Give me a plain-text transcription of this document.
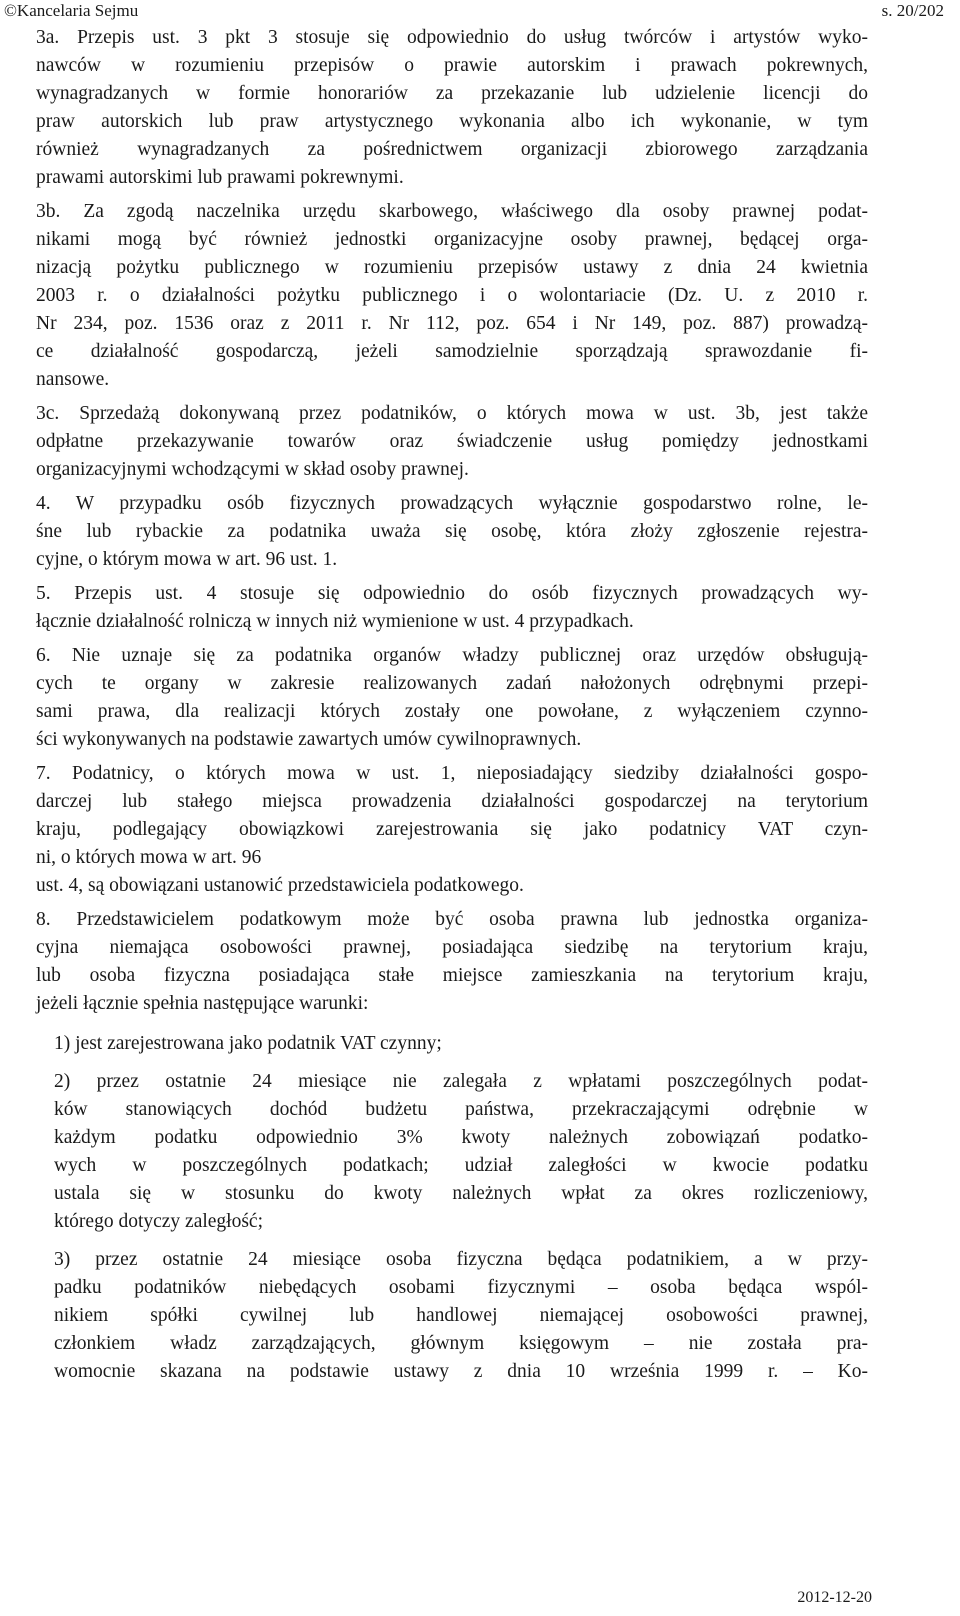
©Kancelaria Sejmu	s. 20/202
3a. Przepis ust. 3 pkt 3 stosuje się odpowiednio do usług twórców i artystów wyko-
nawców w rozumieniu przepisów o prawie autorskim i prawach pokrewnych,
wynagradzanych w formie honorariów za przekazanie lub udzielenie licencji do
praw autorskich lub praw artystycznego wykonania albo ich wykonanie, w tym
również wynagradzanych za pośrednictwem organizacji zbiorowego zarządzania
prawami autorskimi lub prawami pokrewnymi.
3b. Za zgodą naczelnika urzędu skarbowego, właściwego dla osoby prawnej podat-
nikami mogą być również jednostki organizacyjne osoby prawnej, będącej orga-
nizacją pożytku publicznego w rozumieniu przepisów ustawy z dnia 24 kwietnia
2003 r. o działalności pożytku publicznego i o wolontariacie (Dz. U. z 2010 r.
Nr 234, poz. 1536 oraz z 2011 r. Nr 112, poz. 654 i Nr 149, poz. 887) prowadzą-
ce działalność gospodarczą, jeżeli samodzielnie sporządzają sprawozdanie fi-
nansowe.
3c. Sprzedażą dokonywaną przez podatników, o których mowa w ust. 3b, jest także
odpłatne przekazywanie towarów oraz świadczenie usług pomiędzy jednostkami
organizacyjnymi wchodzącymi w skład osoby prawnej.
4. W przypadku osób fizycznych prowadzących wyłącznie gospodarstwo rolne, le-
śne lub rybackie za podatnika uważa się osobę, która złoży zgłoszenie rejestra-
cyjne, o którym mowa w art. 96 ust. 1.
5. Przepis ust. 4 stosuje się odpowiednio do osób fizycznych prowadzących wy-
łącznie działalność rolniczą w innych niż wymienione w ust. 4 przypadkach.
6. Nie uznaje się za podatnika organów władzy publicznej oraz urzędów obsługują-
cych te organy w zakresie realizowanych zadań nałożonych odrębnymi przepi-
sami prawa, dla realizacji których zostały one powołane, z wyłączeniem czynno-
ści wykonywanych na podstawie zawartych umów cywilnoprawnych.
7. Podatnicy, o których mowa w ust. 1, nieposiadający siedziby działalności gospo-
darczej lub stałego miejsca prowadzenia działalności gospodarczej na terytorium
kraju, podlegający obowiązkowi zarejestrowania się jako podatnicy VAT czyn-
ni, o których mowa w art. 96
ust. 4, są obowiązani ustanowić przedstawiciela podatkowego.
8. Przedstawicielem podatkowym może być osoba prawna lub jednostka organiza-
cyjna niemająca osobowości prawnej, posiadająca siedzibę na terytorium kraju,
lub osoba fizyczna posiadająca stałe miejsce zamieszkania na terytorium kraju,
jeżeli łącznie spełnia następujące warunki:
1) jest zarejestrowana jako podatnik VAT czynny;
2) przez ostatnie 24 miesiące nie zalegała z wpłatami poszczególnych podat-
ków stanowiących dochód budżetu państwa, przekraczającymi odrębnie w
każdym podatku odpowiednio 3% kwoty należnych zobowiązań podatko-
wych w poszczególnych podatkach; udział zaległości w kwocie podatku
ustala się w stosunku do kwoty należnych wpłat za okres rozliczeniowy,
którego dotyczy zaległość;
3) przez ostatnie 24 miesiące osoba fizyczna będąca podatnikiem, a w przy-
padku podatników niebędących osobami fizycznymi – osoba będąca wspól-
nikiem spółki cywilnej lub handlowej niemającej osobowości prawnej,
członkiem władz zarządzających, głównym księgowym – nie została pra-
womocnie skazana na podstawie ustawy z dnia 10 września 1999 r. – Ko-
2012-12-20
